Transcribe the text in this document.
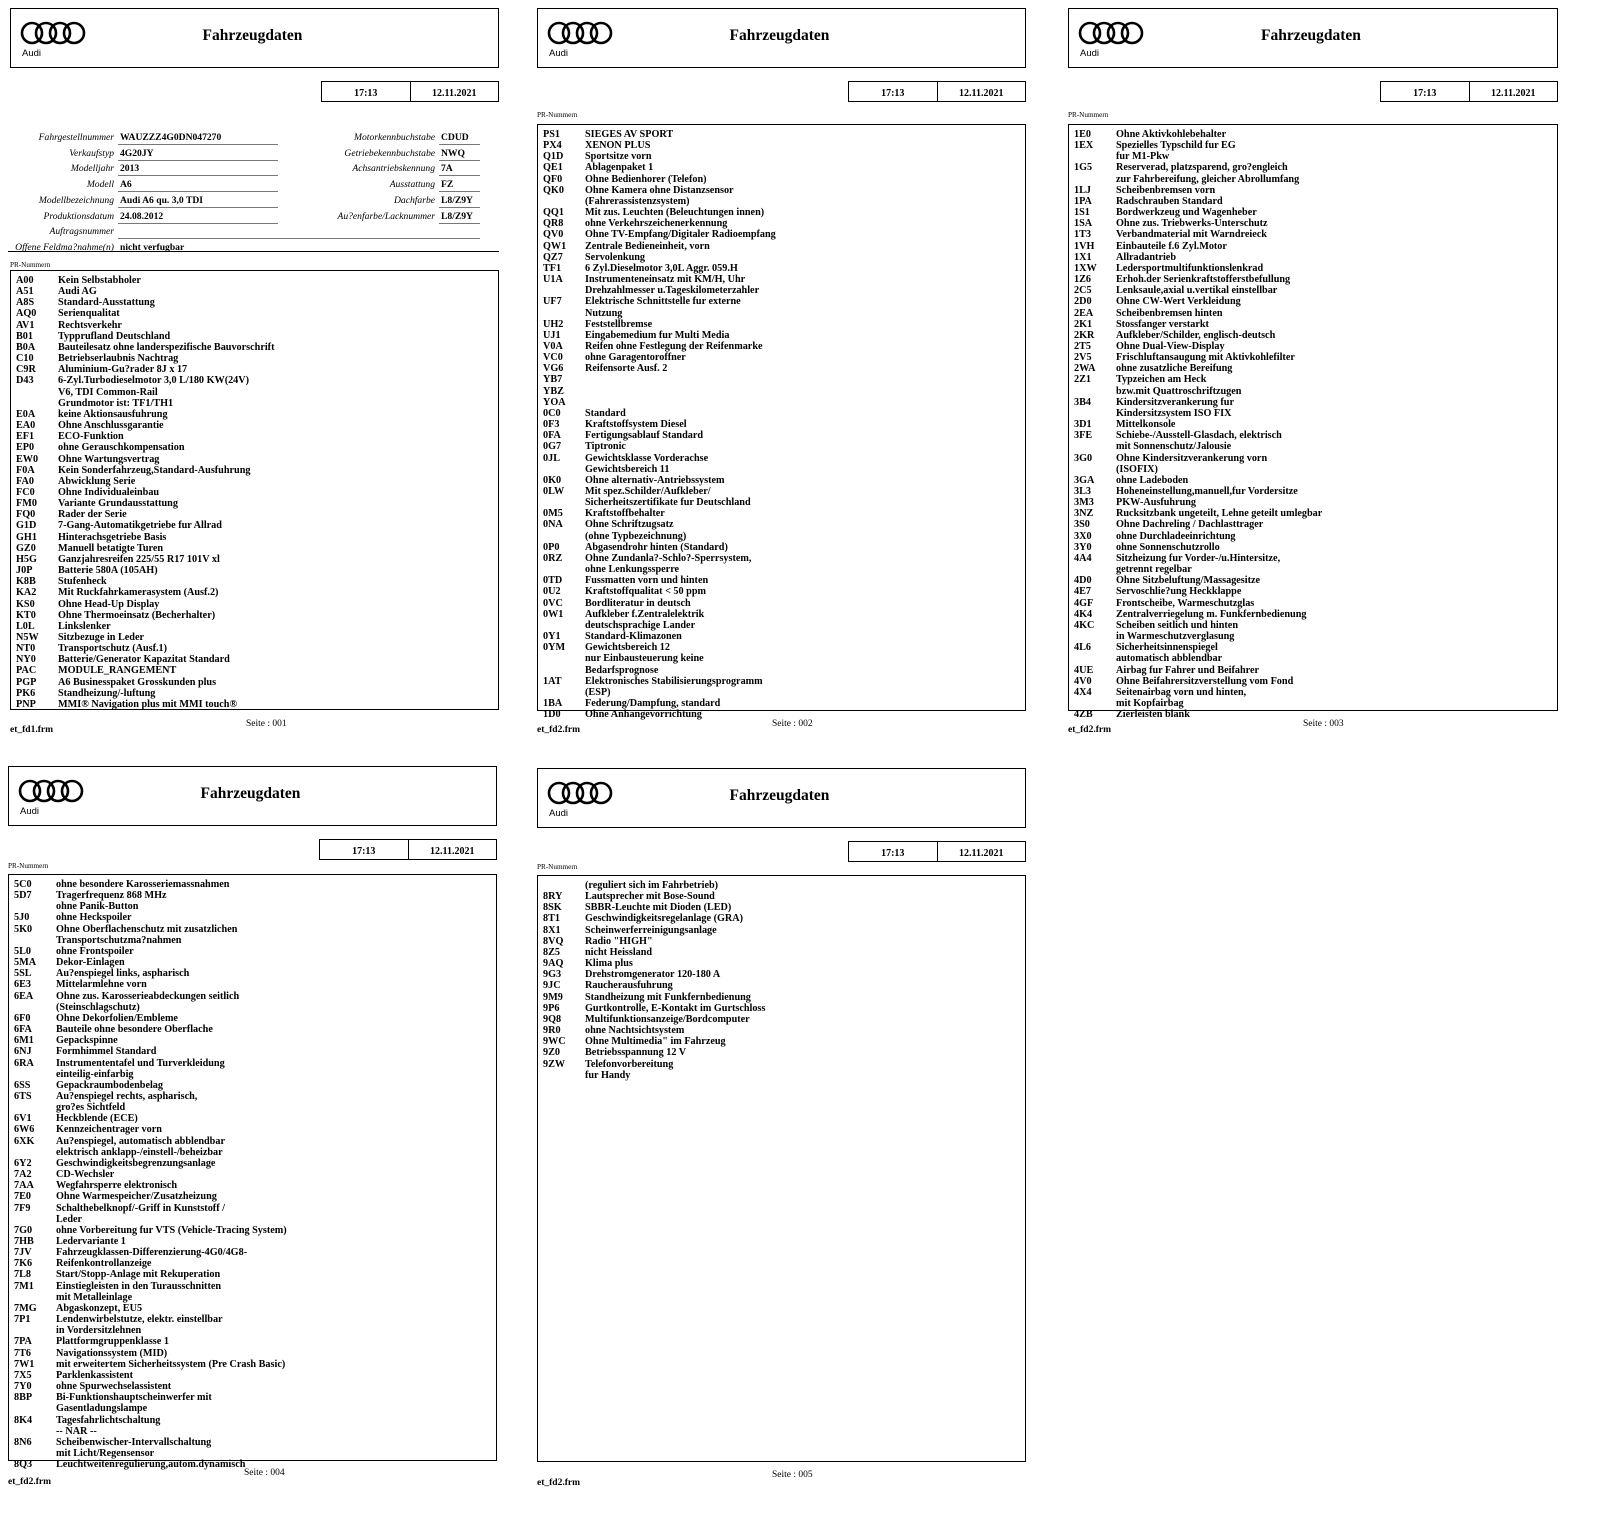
Audi
Fahrzeugdaten
17:13	12.11.2021
Fahrgestellnummer WAUZZZ4G0DN047270
Verkaufstyp 4G20JY
Modelljahr 2013
Modell A6
Modellbezeichnung Audi A6 qu. 3,0 TDI
Produktionsdatum 24.08.2012
Auftragsnummer
Motorkennbuchstabe CDUD
Getriebekennbuchstabe NWQ
Achsantriebskennung 7A
Ausstattung FZ
Dachfarbe L8/Z9Y
Au?enfarbe/Lacknummer L8/Z9Y
Offene Feldma?nahme(n) nicht verfugbar
PR-Nummern
A00	Kein Selbstabholer
A51	Audi AG
A8S	Standard-Ausstattung
AQ0	Serienqualitat
AV1	Rechtsverkehr
B01	Typprufland Deutschland
B0A	Bauteilesatz ohne landerspezifische Bauvorschrift
C10	Betriebserlaubnis Nachtrag
C9R	Aluminium-Gu?rader 8J x 17
D43	6-Zyl.Turbodieselmotor 3,0 L/180 KW(24V)
V6, TDI Common-Rail
Grundmotor ist: TF1/TH1
E0A	keine Aktionsausfuhrung
EA0	Ohne Anschlussgarantie
EF1	ECO-Funktion
EP0	ohne Gerauschkompensation
EW0	Ohne Wartungsvertrag
F0A	Kein Sonderfahrzeug,Standard-Ausfuhrung
FA0	Abwicklung Serie
FC0	Ohne Individualeinbau
FM0	Variante Grundausstattung
FQ0	Rader der Serie
G1D	7-Gang-Automatikgetriebe fur Allrad
GH1	Hinterachsgetriebe Basis
GZ0	Manuell betatigte Turen
H5G	Ganzjahresreifen 225/55 R17 101V xl
J0P	Batterie 580A (105AH)
K8B	Stufenheck
KA2	Mit Ruckfahrkamerasystem (Ausf.2)
KS0	Ohne Head-Up Display
KT0	Ohne Thermoeinsatz (Becherhalter)
L0L	Linkslenker
N5W	Sitzbezuge in Leder
NT0	Transportschutz (Ausf.1)
NY0	Batterie/Generator Kapazitat Standard
PAC	MODULE_RANGEMENT
PGP	A6 Businesspaket Grosskunden plus
PK6	Standheizung/-luftung
PNP	MMI® Navigation plus mit MMI touch®
Seite : 001
et_fd1.frm
Audi
Fahrzeugdaten
17:13	12.11.2021
PR-Nummern
PS1	SIEGES AV SPORT
PX4	XENON PLUS
Q1D	Sportsitze vorn
QE1	Ablagenpaket 1
QF0	Ohne Bedienhorer (Telefon)
QK0	Ohne Kamera ohne Distanzsensor
(Fahrerassistenzsystem)
QQ1	Mit zus. Leuchten (Beleuchtungen innen)
QR8	ohne Verkehrszeichenerkennung
QV0	Ohne TV-Empfang/Digitaler Radioempfang
QW1	Zentrale Bedieneinheit, vorn
QZ7	Servolenkung
TF1	6 Zyl.Dieselmotor 3,0L Aggr. 059.H
U1A	Instrumenteneinsatz mit KM/H, Uhr
Drehzahlmesser u.Tageskilometerzahler
UF7	Elektrische Schnittstelle fur externe
Nutzung
UH2	Feststellbremse
UJ1	Eingabemedium fur Multi Media
V0A	Reifen ohne Festlegung der Reifenmarke
VC0	ohne Garagentoroffner
VG6	Reifensorte Ausf. 2
YB7
YBZ
YOA
0C0	Standard
0F3	Kraftstoffsystem Diesel
0FA	Fertigungsablauf Standard
0G7	Tiptronic
0JL	Gewichtsklasse Vorderachse
Gewichtsbereich 11
0K0	Ohne alternativ-Antriebssystem
0LW	Mit spez.Schilder/Aufkleber/
Sicherheitszertifikate fur Deutschland
0M5	Kraftstoffbehalter
0NA	Ohne Schriftzugsatz
(ohne Typbezeichnung)
0P0	Abgasendrohr hinten (Standard)
0RZ	Ohne Zundanla?-Schlo?-Sperrsystem,
ohne Lenkungssperre
0TD	Fussmatten vorn und hinten
0U2	Kraftstoffqualitat < 50 ppm
0VC	Bordliteratur in deutsch
0W1	Aufkleber f.Zentralelektrik
deutschsprachige Lander
0Y1	Standard-Klimazonen
0YM	Gewichtsbereich 12
nur Einbausteuerung keine
Bedarfsprognose
1AT	Elektronisches Stabilisierungsprogramm
(ESP)
1BA	Federung/Dampfung, standard
1D0	Ohne Anhangevorrichtung
Seite : 002
et_fd2.frm
Audi
Fahrzeugdaten
17:13	12.11.2021
PR-Nummern
1E0	Ohne Aktivkohlebehalter
1EX	Spezielles Typschild fur EG
fur M1-Pkw
1G5	Reserverad, platzsparend, gro?engleich
zur Fahrbereifung, gleicher Abrollumfang
1LJ	Scheibenbremsen vorn
1PA	Radschrauben Standard
1S1	Bordwerkzeug und Wagenheber
1SA	Ohne zus. Triebwerks-Unterschutz
1T3	Verbandmaterial mit Warndreieck
1VH	Einbauteile f.6 Zyl.Motor
1X1	Allradantrieb
1XW	Ledersportmultifunktionslenkrad
1Z6	Erhoh.der Serienkraftstofferstbefullung
2C5	Lenksaule,axial u.vertikal einstellbar
2D0	Ohne CW-Wert Verkleidung
2EA	Scheibenbremsen hinten
2K1	Stossfanger verstarkt
2KR	Aufkleber/Schilder, englisch-deutsch
2T5	Ohne Dual-View-Display
2V5	Frischluftansaugung mit Aktivkohlefilter
2WA	ohne zusatzliche Bereifung
2Z1	Typzeichen am Heck
bzw.mit Quattroschriftzugen
3B4	Kindersitzverankerung fur
Kindersitzsystem ISO FIX
3D1	Mittelkonsole
3FE	Schiebe-/Ausstell-Glasdach, elektrisch
mit Sonnenschutz/Jalousie
3G0	Ohne Kindersitzverankerung vorn
(ISOFIX)
3GA	ohne Ladeboden
3L3	Hoheneinstellung,manuell,fur Vordersitze
3M3	PKW-Ausfuhrung
3NZ	Rucksitzbank ungeteilt, Lehne geteilt umlegbar
3S0	Ohne Dachreling / Dachlasttrager
3X0	ohne Durchladeeinrichtung
3Y0	ohne Sonnenschutzrollo
4A4	Sitzheizung fur Vorder-/u.Hintersitze,
getrennt regelbar
4D0	Ohne Sitzbeluftung/Massagesitze
4E7	Servoschlie?ung Heckklappe
4GF	Frontscheibe, Warmeschutzglas
4K4	Zentralverriegelung m. Funkfernbedienung
4KC	Scheiben seitlich und hinten
in Warmeschutzverglasung
4L6	Sicherheitsinnenspiegel
automatisch abblendbar
4UE	Airbag fur Fahrer und Beifahrer
4V0	Ohne Beifahrersitzverstellung vom Fond
4X4	Seitenairbag vorn und hinten,
mit Kopfairbag
4ZB	Zierleisten blank
Seite : 003
et_fd2.frm
Audi
Fahrzeugdaten
17:13	12.11.2021
PR-Nummern
5C0	ohne besondere Karosseriemassnahmen
5D7	Tragerfrequenz 868 MHz
ohne Panik-Button
5J0	ohne Heckspoiler
5K0	Ohne Oberflachenschutz mit zusatzlichen
Transportschutzma?nahmen
5L0	ohne Frontspoiler
5MA	Dekor-Einlagen
5SL	Au?enspiegel links, aspharisch
6E3	Mittelarmlehne vorn
6EA	Ohne zus. Karosserieabdeckungen seitlich
(Steinschlagschutz)
6F0	Ohne Dekorfolien/Embleme
6FA	Bauteile ohne besondere Oberflache
6M1	Gepacksp​inne
6NJ	Formhimmel Standard
6RA	Instrumententafel und Turverkleidung
einteilig-einfarbig
6SS	Gepackraumbodenbelag
6TS	Au?enspiegel rechts, aspharisch,
gro?es Sichtfeld
6V1	Heckblende (ECE)
6W6	Kennzeichentrager vorn
6XK	Au?enspiegel, automatisch abblendbar
elektrisch anklapp-/einstell-/beheizbar
6Y2	Geschwindigkeitsbegrenzungsanlage
7A2	CD-Wechsler
7AA	Wegfahrsperre elektronisch
7E0	Ohne Warmespeicher/Zusatzheizung
7F9	Schalthebelknopf/-Griff in Kunststoff /
Leder
7G0	ohne Vorbereitung fur VTS (Vehicle-Tracing System)
7HB	Ledervariante 1
7JV	Fahrzeugklassen-Differenzierung-4G0/4G8-
7K6	Reifenkontrollanzeige
7L8	Start/Stopp-Anlage mit Rekuperation
7M1	Einstiegleisten in den Turausschnitten
mit Metalleinlage
7MG	Abgaskonzept, EU5
7P1	Lendenwirbelstutze, elektr. einstellbar
in Vordersitzlehnen
7PA	Plattformgruppenklasse 1
7T6	Navigationssystem (MID)
7W1	mit erweitertem Sicherheitssystem (Pre Crash Basic)
7X5	Parklenkassistent
7Y0	ohne Spurwechselassistent
8BP	Bi-Funktionshauptscheinwerfer mit
Gasentladungslampe
8K4	Tagesfahrlichtschaltung
-- NAR --
8N6	Scheibenwischer-Intervallschaltung
mit Licht/Regensensor
8Q3	Leuchtweitenregulierung,autom.dynamisch
Seite : 004
et_fd2.frm
Audi
Fahrzeugdaten
17:13	12.11.2021
PR-Nummern
(reguliert sich im Fahrbetrieb)
8RY	Lautsprecher mit Bose-Sound
8SK	SBBR-Leuchte mit Dioden (LED)
8T1	Geschwindigkeitsregelanlage (GRA)
8X1	Scheinwerferreinigungsanlage
8VQ	Radio "HIGH"
8Z5	nicht Heissland
9AQ	Klima plus
9G3	Drehstromgenerator 120-180 A
9JC	Raucherausfuhrung
9M9	Standheizung mit Funkfernbedienung
9P6	Gurtkontrolle, E-Kontakt im Gurtschloss
9Q8	Multifunktionsanzeige/Bordcomputer
9R0	ohne Nachtsichtsystem
9WC	Ohne Multimedia" im Fahrzeug
9Z0	Betriebsspannung 12 V
9ZW	Telefonvorbereitung
fur Handy
Seite : 005
et_fd2.frm
